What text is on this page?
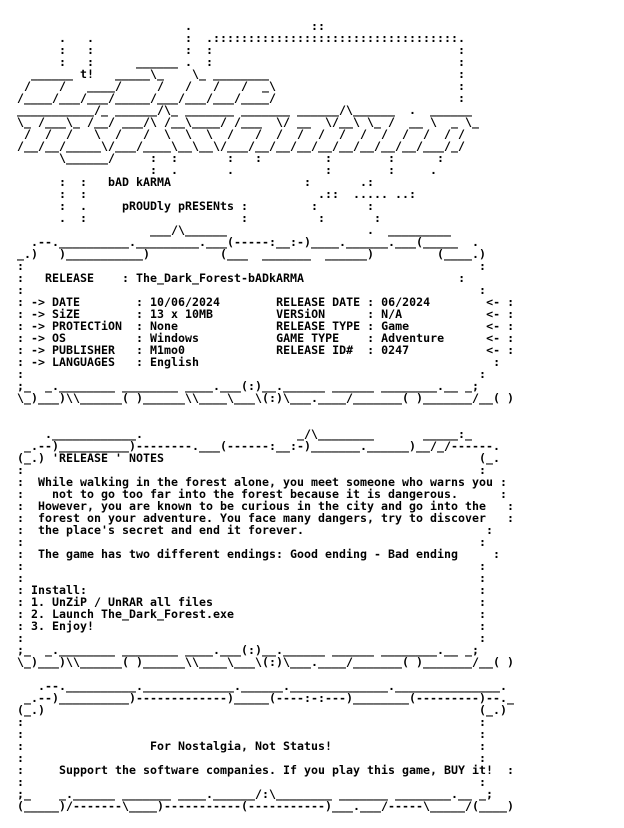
.                 ::
.   .             :  .:::::::::::::::::::::::::::::::::::.
:   :             :  :                                   :
:   :      ______ .  :                                   :
______ t!   _____\_    \_ ________                           :
/    /   ____/     /   /   /   /  _\                          :
/____/___/___/_____/___/___/___/____/                          :
___________/_ ______/\_ _______ _______ ______/\______  .  ______
\_ /___\_ /__/ ___/\ /__\____/ /___  \/ __  \/__\ \_ /  __ \  _ \_
/  /  /   \  /   /  \  \  \  /   /  /  /  /  /  /  /  /  /  / /
/__/__/_____\/___/____\__\__\/___/__/__/__/__/__/__/__/__/___/_/
\______/     :  :       :   :         :        :      :
:  .       .             :        :     .
:  :   bAD kARMA                   :       .:
:  :                                 .::  ..... ..:
:  .     pROUDly pRESENts :         :       :
.  :                      :          :       :
___/\______                    .  _________
.--.__________._________.___(-----:__:-)____.______.___(_____  .
_.)   )___________)          (___  _______  ______)         (____.)
:                                                                 :
:   RELEASE    : The_Dark_Forest-bADkARMA                      :
:                                                                 :
: -> DATE        : 10/06/2024	RELEASE DATE : 06/2024        <- :
: -> SiZE        : 13 x 10MB	VERSiON      : N/A            <- :
: -> PROTECTiON  : None	RELEASE TYPE : Game           <- :
: -> OS          : Windows	GAME TYPE    : Adventure      <- :
: -> PUBLISHER   : M1mo0	RELEASE ID#  : 0247           <- :
: -> LANGUAGES   : English                                          :
:                                                                 :
;_  _.________ ________ ____.___(:)__.______ ______ ________.__ _;
\_)___)\\______( )______\\____\___\(:)\___.____/_______( )_______/__( )

.____________.                      _/\________       _____:_
_.--)__________)--------.___(------:__:-)_______.______)__/_/------.
(_.) 'RELEASE ' NOTES                                             (_.
:                                                                 :
:  While walking in the forest alone, you meet someone who warns you :
:    not to go too far into the forest because it is dangerous.      :
:  However, you are known to be curious in the city and go into the   :
:  forest on your adventure. You face many dangers, try to discover   :
:  the place's secret and end it forever.                          :
:                                                                 :
:  The game has two different endings: Good ending - Bad ending     :
:                                                                 :
:                                                                 :
: Install:                                                        :
: 1. UnZiP / UnRAR all files                                      :
: 2. Launch The_Dark_Forest.exe                                   :
: 3. Enjoy!                                                       :
:                                                                 :
;_  _.________ ________ ____.___(:)__.______ ______ ________.__ _;
\_)___)\\______( )______\\____\___\(:)\___.____/_______( )_______/__( )

.--.__________._____________.______.______________._______________.
_.--)__________)-------------)_____(----:-:---)________(---------)--._
(_.)                                                              (_.)
:                                                                 :
:                                                                 :
:                  For Nostalgia, Not Status!                     :
:                                                                 :
:     Support the software companies. If you play this game, BUY it!  :
:                                                                 :
;_    _.______ _______ ____.______/:\________ _______ ________.__ _;
(_____)/-------\____)-----------(-----------)___.___/-----\_____/(____)
